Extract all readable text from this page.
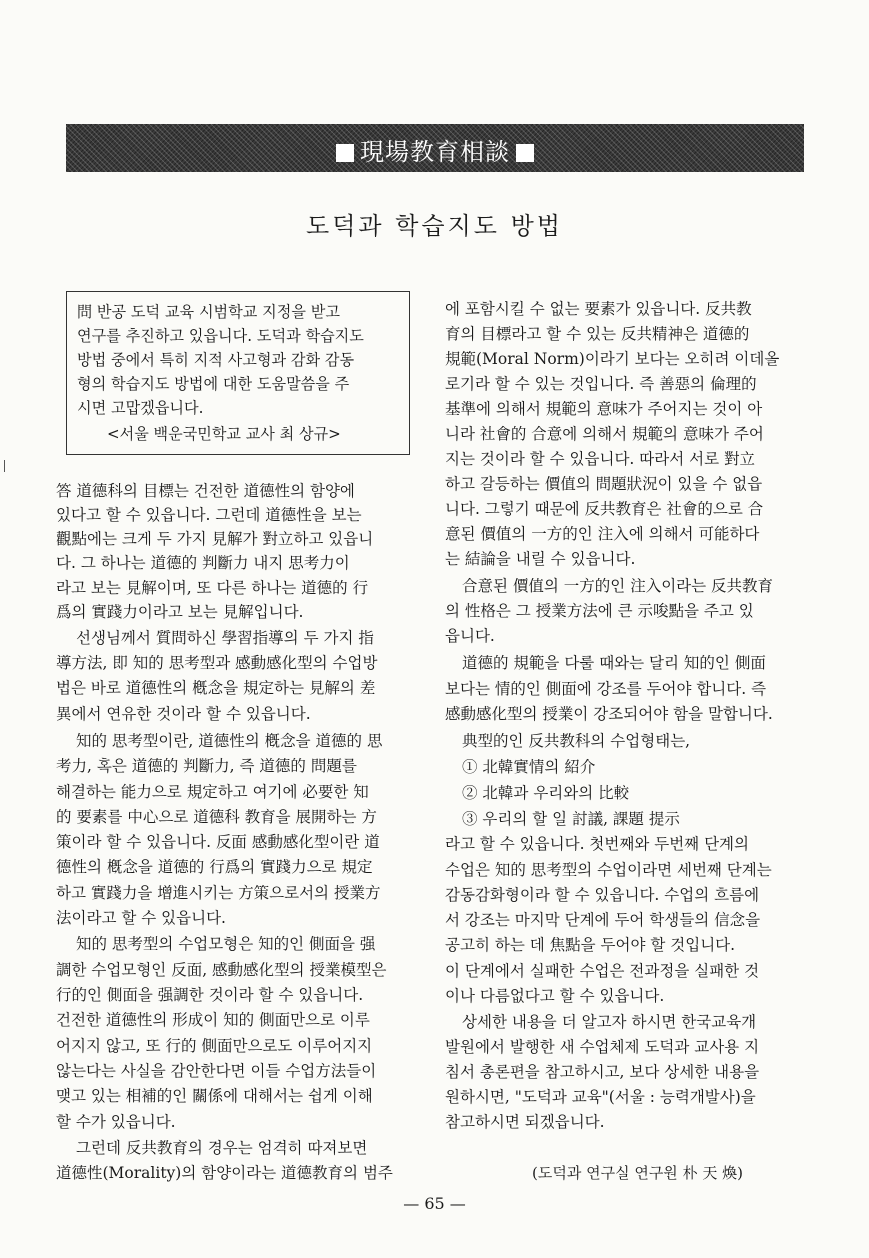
現場教育相談
도덕과 학습지도 방법
問 반공 도덕 교육 시범학교 지정을 받고
연구를 추진하고 있읍니다. 도덕과 학습지도
방법 중에서 특히 지적 사고형과 감화 감동
형의 학습지도 방법에 대한 도움말씀을 주
시면 고맙겠읍니다.
<서울 백운국민학교 교사 최 상규>
答 道德科의 目標는 건전한 道德性의 함양에
있다고 할 수 있읍니다. 그런데 道德性을 보는
觀點에는 크게 두 가지 見解가 對立하고 있읍니
다. 그 하나는 道德的 判斷力 내지 思考力이
라고 보는 見解이며, 또 다른 하나는 道德的 行
爲의 實踐力이라고 보는 見解입니다.
선생님께서 質問하신 學習指導의 두 가지 指
導方法, 即 知的 思考型과 感動感化型의 수업방
법은 바로 道德性의 槪念을 規定하는 見解의 差
異에서 연유한 것이라 할 수 있읍니다.
知的 思考型이란, 道德性의 槪念을 道德的 思
考力, 혹은 道德的 判斷力, 즉 道德的 問題를
해결하는 能力으로 規定하고 여기에 必要한 知
的 要素를 中心으로 道德科 教育을 展開하는 方
策이라 할 수 있읍니다. 反面 感動感化型이란 道
德性의 槪念을 道德的 行爲의 實踐力으로 規定
하고 實踐力을 增進시키는 方策으로서의 授業方
法이라고 할 수 있읍니다.
知的 思考型의 수업모형은 知的인 側面을 强
調한 수업모형인 反面, 感動感化型의 授業模型은
行的인 側面을 强調한 것이라 할 수 있읍니다.
건전한 道德性의 形成이 知的 側面만으로 이루
어지지 않고, 또 行的 側面만으로도 이루어지지
않는다는 사실을 감안한다면 이들 수업方法들이
맺고 있는 相補的인 關係에 대해서는 쉽게 이해
할 수가 있읍니다.
그런데 反共教育의 경우는 엄격히 따져보면
道德性(Morality)의 함양이라는 道德教育의 범주
에 포함시킬 수 없는 要素가 있읍니다. 反共教
育의 目標라고 할 수 있는 反共精神은 道德的
規範(Moral Norm)이라기 보다는 오히려 이데올
로기라 할 수 있는 것입니다. 즉 善惡의 倫理的
基準에 의해서 規範의 意味가 주어지는 것이 아
니라 社會的 合意에 의해서 規範의 意味가 주어
지는 것이라 할 수 있읍니다. 따라서 서로 對立
하고 갈등하는 價值의 問題狀況이 있을 수 없읍
니다. 그렇기 때문에 反共教育은 社會的으로 合
意된 價值의 一方的인 注入에 의해서 可能하다
는 結論을 내릴 수 있읍니다.
合意된 價值의 一方的인 注入이라는 反共教育
의 性格은 그 授業方法에 큰 示唆點을 주고 있
읍니다.
道德的 規範을 다룰 때와는 달리 知的인 側面
보다는 情的인 側面에 강조를 두어야 합니다. 즉
感動感化型의 授業이 강조되어야 함을 말합니다.
典型的인 反共教科의 수업형태는,
① 北韓實情의 紹介
② 北韓과 우리와의 比較
③ 우리의 할 일 討議, 課題 提示
라고 할 수 있읍니다. 첫번째와 두번째 단계의
수업은 知的 思考型의 수업이라면 세번째 단계는
감동감화형이라 할 수 있읍니다. 수업의 흐름에
서 강조는 마지막 단계에 두어 학생들의 信念을
공고히 하는 데 焦點을 두어야 할 것입니다.
이 단계에서 실패한 수업은 전과정을 실패한 것
이나 다름없다고 할 수 있읍니다.
상세한 내용을 더 알고자 하시면 한국교육개
발원에서 발행한 새 수업체제 도덕과 교사용 지
침서 총론편을 참고하시고, 보다 상세한 내용을
원하시면, "도덕과 교육"(서울 : 능력개발사)을
참고하시면 되겠읍니다.
(도덕과 연구실 연구원 朴 天 煥)
— 65 —
